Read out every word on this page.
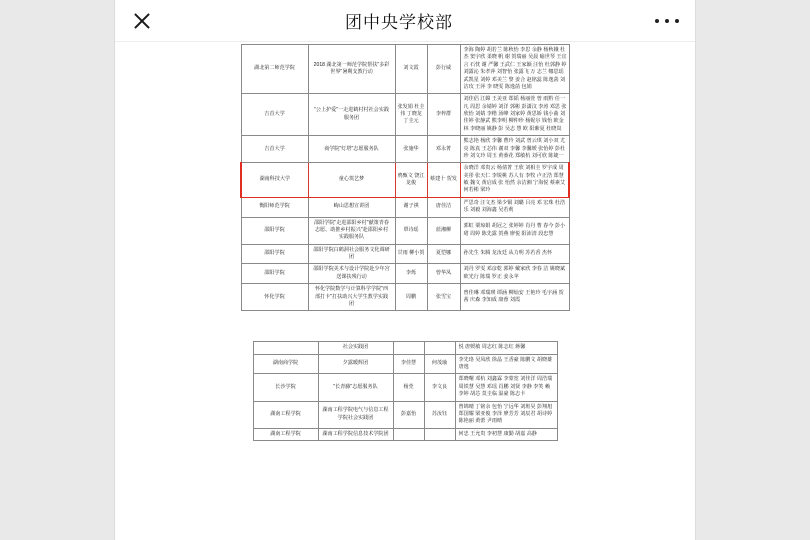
团中央学校部
湖北第二师范学院	2018 湖北第一师范学院帮扶"多彩世界"暑期支教行动	刘文霞	彭行威	李海 陶婷 胡若兰 陈秋怡 李思 余静 杨秋娥 杜杰 窦宇欣 柔晓 帆 谢 贺瑞丽 吴晨 喻世琴 王宜言 石忱 谢 严馨 王武仁 王家颖 汪怡 杜郭静 婷 刘露沁 朱孝萍 刘智怡 张露飞 万 志兰 娜思瑶 武凯星 刘婷 邓美兰 黎 姜合 赵铭蕊 陈逸菡 刘洁玫 王萍 李 晓雯 陈逸菡 包娟
吉首大学	"公上护爱"一走进鹤村村社会实践服务团	张发娟 杜圭伟 丁晓龙 丁圭元	李梓群	刘佳侣 江嫦 王美亚 郑韬 杨丽萱 曾 雨黔 任一凡 周思 余婧婷 刘洋 郭彬 彭潇汶 李涛 邓思 张欣怡 刘婧 李楷 汤峰 刘家婷 黄思娇 钱小曲 刘佳婷 张静武 熊李明 柳仲珍 杨妮尔 钱怡 欧金林 李晓丽 姚静 彭 吴志 慧 欧 阳紫夏 杜晓岚
吉首大学	商学院"灯塔"志愿服务队	张施华	邓永菁	熊志艳 杨欣 李馨 曹玲 刘武 曾云琪 刘小双 尤亮 陈真 王芯伟 谢双 李馨 李馨媛 张怡婷 彭杜珍 刘文玲 周玉 黄蓥花 郑敏杭 刘可欣 陈婕一
湖南科技大学	童心筑艺梦	鸦甄文 饶江 龙俊	蔡建十 贺发	余晓洋 邓贵云 杨倩菁 王欣 刘相圭 罗宇成 周美彤 张天仁 李锐桃 苏人有 李牧 卢正浩 郑慧敏 魏文 黄启成 张 怡然 余洁湘 宁海悦 蔡素艾 何若彬 梁玲
衡阳师范学院	岣山思想宣讲团	谢子祺	唐佳洁	严思奇 汪文杰 梁少铜 刘璐 吕亮 邓 宏珠 杜浩乐 刘毅 刘海鑫 吴若莉
邵阳学院	邵阳学院"走进邵阳乡村"献策青春志愿、助推乡村振兴"赴邵阳乡村实践服务队	覃诗瑶	蓝湘柳	郭虹 粟琼娟 胡冠之 张婷婷 肖丹 曹 春今 彭小珺 周婷 陈先露 贺燕 廖悦 阳沛清 段忠慧
邵阳学院	邵阳学院白鹤洞社会服务文化调研团	甘雨 柳小贺	夏恺娜	孙先生 朱腾 龙汝廷 从力明 苏若香 杰怀
邵阳学院	邵阳学院美术与设计学院赴少年宫送课扶残行动	李烁	曾华凤	刘丹 罗雯 邓彦乾 郭婷 戴家欣 李春 洁 姚晓斌 欧光行 陈瑞 罗正 姜永苹
怀化学院	怀化学院数学与计算科学学院"西部打卡"打扶助兴大学生教学实践团	周鹏	张雪宝	曾佳琳 邓瑞瑛 谭涵 柳灿安 王艳玲 毛宇涵 贺茜 庆森 李知成 康蓉 刘霞
	社会实践团			悦 唐媛敏 周志红 陈志红 蒋馨
湖南商学院	夕露暖辉团	李佳慧	何茂瑜	李先珞 吴凤欣 徐晶 王香豪 陈鹏文 胡晓雄 唐逸
长沙学院	"长青藤"志愿服务队	杨莞	李文良	郑晓曙 邓杭 刘鑫霖 李蒙宽 刘佳洋 周浩瑞 周铁慧 吴慧 邓瑶 肖鹏 刘贤 李静 李笑 赖李婷 胡芯 莫圭临 温豪 陈志卡
湖南工程学院	湖南工程学院电气与信息工程学院社会实践团	彭嘉怡	苏汝钰	曾锦晴 丁铭余 包怡 宁远华 刘班昊 彭翔旭 郑国耀 梁亚俊 李泽 廖芳芳 刘辰君 胡诗婷 陈艳丽 黄蕾 尹雨晴
湖南工程学院	湖南工程学院信息技术学院团			何忠 王允贵 李初慧 康勤 胡嘉 高静
